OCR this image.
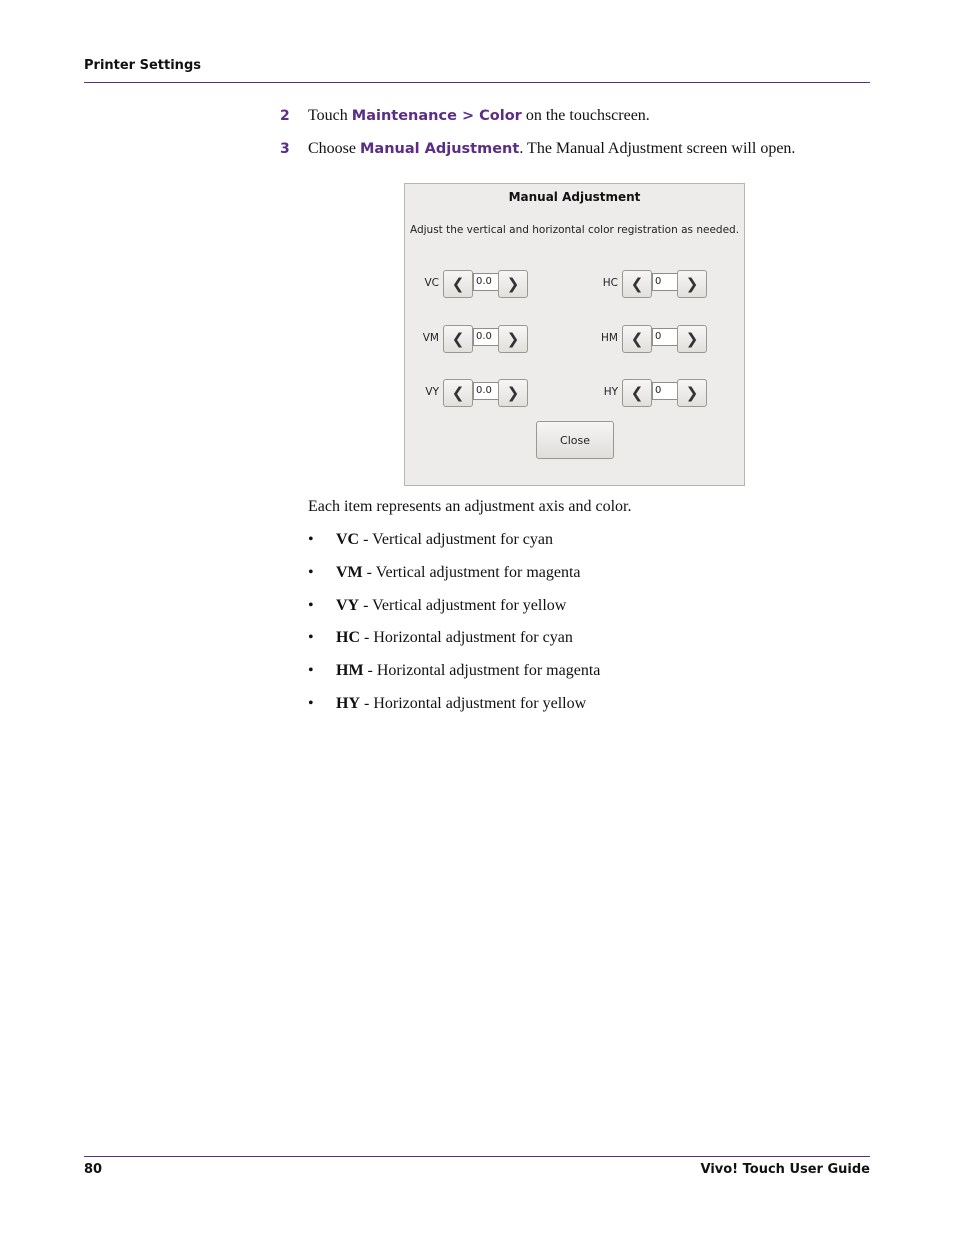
Printer Settings
2 Touch Maintenance > Color on the touchscreen.
3 Choose Manual Adjustment. The Manual Adjustment screen will open.
Manual Adjustment
Adjust the vertical and horizontal color registration as needed.
VC ❮	0.0 ❯	HC ❮	0	❯
VM ❮	0.0 ❯	HM ❮	0	❯
VY ❮	0.0 ❯	HY ❮	0	❯
Close
Each item represents an adjustment axis and color.
• VC - Vertical adjustment for cyan
• VM - Vertical adjustment for magenta
• VY - Vertical adjustment for yellow
• HC - Horizontal adjustment for cyan
• HM - Horizontal adjustment for magenta
• HY - Horizontal adjustment for yellow
80	Vivo! Touch User Guide
